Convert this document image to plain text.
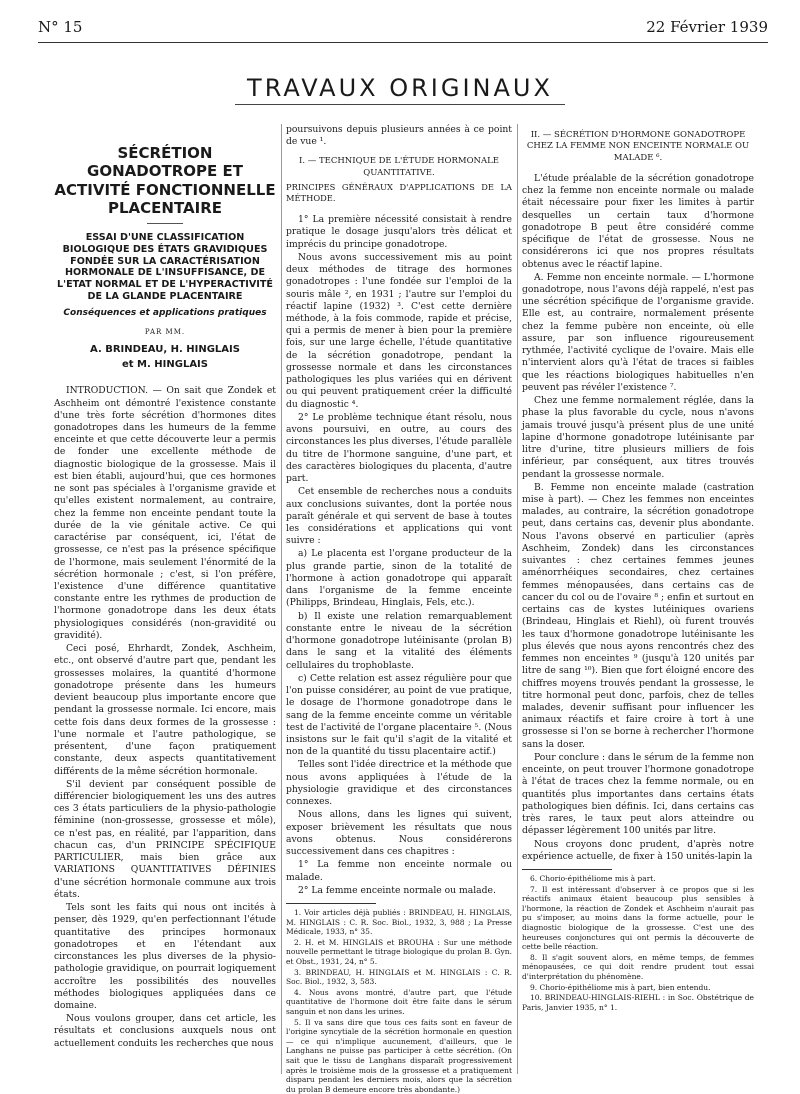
N° 15	22 Février 1939
TRAVAUX ORIGINAUX
SÉCRÉTION GONADOTROPE ET ACTIVITÉ FONCTIONNELLE PLACENTAIRE
ESSAI D'UNE CLASSIFICATION BIOLOGIQUE DES ÉTATS GRAVIDIQUES FONDÉE SUR LA CARACTÉRISATION HORMONALE DE L'INSUFFISANCE, DE L'ETAT NORMAL ET DE L'HYPERACTIVITÉ DE LA GLANDE PLACENTAIRE
Conséquences et applications pratiques
PAR MM.
A. BRINDEAU, H. HINGLAIS
et M. HINGLAIS

INTRODUCTION. — On sait que Zondek et Aschheim ont démontré l'existence constante d'une très forte sécrétion d'hormones dites gonadotropes dans les humeurs de la femme enceinte et que cette découverte leur a permis de fonder une excellente méthode de diagnostic biologique de la grossesse. Mais il est bien établi, aujourd'hui, que ces hormones ne sont pas spéciales à l'organisme gravide et qu'elles existent normalement, au contraire, chez la femme non enceinte pendant toute la durée de la vie génitale active. Ce qui caractérise par conséquent, ici, l'état de grossesse, ce n'est pas la présence spécifique de l'hormone, mais seulement l'énormité de la sécrétion hormonale ; c'est, si l'on préfère, l'existence d'une différence quantitative constante entre les rythmes de production de l'hormone gonadotrope dans les deux états physiologiques considérés (non-gravidité ou gravidité).

Ceci posé, Ehrhardt, Zondek, Aschheim, etc., ont observé d'autre part que, pendant les grossesses molaires, la quantité d'hormone gonadotrope présente dans les humeurs devient beaucoup plus importante encore que pendant la grossesse normale. Ici encore, mais cette fois dans deux formes de la grossesse : l'une normale et l'autre pathologique, se présentent, d'une façon pratiquement constante, deux aspects quantitativement différents de la même sécrétion hormonale.

S'il devient par conséquent possible de différencier biologiquement les uns des autres ces 3 états particuliers de la physio-pathologie féminine (non-grossesse, grossesse et môle), ce n'est pas, en réalité, par l'apparition, dans chacun cas, d'un PRINCIPE SPÉCIFIQUE PARTICULIER, mais bien grâce aux VARIATIONS QUANTITATIVES DÉFINIES d'une sécrétion hormonale commune aux trois états.

Tels sont les faits qui nous ont incités à penser, dès 1929, qu'en perfectionnant l'étude quantitative des principes hormonaux gonadotropes et en l'étendant aux circonstances les plus diverses de la physio-pathologie gravidique, on pourrait logiquement accroître les possibilités des nouvelles méthodes biologiques appliquées dans ce domaine.

Nous voulons grouper, dans cet article, les résultats et conclusions auxquels nous ont actuellement conduits les recherches que nous

poursuivons depuis plusieurs années à ce point de vue ¹.

I. — TECHNIQUE DE L'ÉTUDE HORMONALE QUANTITATIVE.
PRINCIPES GÉNÉRAUX D'APPLICATIONS DE LA MÉTHODE.

1° La première nécessité consistait à rendre pratique le dosage jusqu'alors très délicat et imprécis du principe gonadotrope.

Nous avons successivement mis au point deux méthodes de titrage des hormones gonadotropes : l'une fondée sur l'emploi de la souris mâle ², en 1931 ; l'autre sur l'emploi du réactif lapine (1932) ³. C'est cette dernière méthode, à la fois commode, rapide et précise, qui a permis de mener à bien pour la première fois, sur une large échelle, l'étude quantitative de la sécrétion gonadotrope, pendant la grossesse normale et dans les circonstances pathologiques les plus variées qui en dérivent ou qui peuvent pratiquement créer la difficulté du diagnostic ⁴.

2° Le problème technique étant résolu, nous avons poursuivi, en outre, au cours des circonstances les plus diverses, l'étude parallèle du titre de l'hormone sanguine, d'une part, et des caractères biologiques du placenta, d'autre part.

Cet ensemble de recherches nous a conduits aux conclusions suivantes, dont la portée nous paraît générale et qui servent de base à toutes les considérations et applications qui vont suivre :

a) Le placenta est l'organe producteur de la plus grande partie, sinon de la totalité de l'hormone à action gonadotrope qui apparaît dans l'organisme de la femme enceinte (Philipps, Brindeau, Hinglais, Fels, etc.).

b) Il existe une relation remarquablement constante entre le niveau de la sécrétion d'hormone gonadotrope lutéinisante (prolan B) dans le sang et la vitalité des éléments cellulaires du trophoblaste.

c) Cette relation est assez régulière pour que l'on puisse considérer, au point de vue pratique, le dosage de l'hormone gonadotrope dans le sang de la femme enceinte comme un véritable test de l'activité de l'organe placentaire ⁵. (Nous insistons sur le fait qu'il s'agit de la vitalité et non de la quantité du tissu placentaire actif.)

Telles sont l'idée directrice et la méthode que nous avons appliquées à l'étude de la physiologie gravidique et des circonstances connexes.

Nous allons, dans les lignes qui suivent, exposer brièvement les résultats que nous avons obtenus. Nous considérerons successivement dans ces chapitres :

1° La femme non enceinte normale ou malade.

2° La femme enceinte normale ou malade.

1. Voir articles déjà publiés : BRINDEAU, H. HINGLAIS, M. HINGLAIS : C. R. Soc. Biol., 1932, 3, 988 ; La Presse Médicale, 1933, n° 35.

2. H. et M. HINGLAIS et BROUHA : Sur une méthode nouvelle permettant le titrage biologique du prolan B. Gyn. et Obst., 1931, 24, n° 5.

3. BRINDEAU, H. HINGLAIS et M. HINGLAIS : C. R. Soc. Biol., 1932, 3, 583.

4. Nous avons montré, d'autre part, que l'étude quantitative de l'hormone doit être faite dans le sérum sanguin et non dans les urines.

5. Il va sans dire que tous ces faits sont en faveur de l'origine syncytiale de la sécrétion hormonale en question — ce qui n'implique aucunement, d'ailleurs, que le Langhans ne puisse pas participer à cette sécrétion. (On sait que le tissu de Langhans disparaît progressivement après le troisième mois de la grossesse et a pratiquement disparu pendant les derniers mois, alors que la sécrétion du prolan B demeure encore très abondante.)

II. — SÉCRÉTION D'HORMONE GONADOTROPE CHEZ LA FEMME NON ENCEINTE NORMALE OU MALADE ⁶.

L'étude préalable de la sécrétion gonadotrope chez la femme non enceinte normale ou malade était nécessaire pour fixer les limites à partir desquelles un certain taux d'hormone gonadotrope B peut être considéré comme spécifique de l'état de grossesse. Nous ne considérerons ici que nos propres résultats obtenus avec le réactif lapine.

A. Femme non enceinte normale. — L'hormone gonadotrope, nous l'avons déjà rappelé, n'est pas une sécrétion spécifique de l'organisme gravide. Elle est, au contraire, normalement présente chez la femme pubère non enceinte, où elle assure, par son influence rigoureusement rythmée, l'activité cyclique de l'ovaire. Mais elle n'intervient alors qu'à l'état de traces si faibles que les réactions biologiques habituelles n'en peuvent pas révéler l'existence ⁷.

Chez une femme normalement réglée, dans la phase la plus favorable du cycle, nous n'avons jamais trouvé jusqu'à présent plus de une unité lapine d'hormone gonadotrope lutéinisante par litre d'urine, titre plusieurs milliers de fois inférieur, par conséquent, aux titres trouvés pendant la grossesse normale.

B. Femme non enceinte malade (castration mise à part). — Chez les femmes non enceintes malades, au contraire, la sécrétion gonadotrope peut, dans certains cas, devenir plus abondante. Nous l'avons observé en particulier (après Aschheim, Zondek) dans les circonstances suivantes : chez certaines femmes jeunes aménorrhéiques secondaires, chez certaines femmes ménopausées, dans certains cas de cancer du col ou de l'ovaire ⁸ ; enfin et surtout en certains cas de kystes lutéiniques ovariens (Brindeau, Hinglais et Riehl), où furent trouvés les taux d'hormone gonadotrope lutéinisante les plus élevés que nous ayons rencontrés chez des femmes non enceintes ⁹ (jusqu'à 120 unités par litre de sang ¹⁰). Bien que fort éloigné encore des chiffres moyens trouvés pendant la grossesse, le titre hormonal peut donc, parfois, chez de telles malades, devenir suffisant pour influencer les animaux réactifs et faire croire à tort à une grossesse si l'on se borne à rechercher l'hormone sans la doser.

Pour conclure : dans le sérum de la femme non enceinte, on peut trouver l'hormone gonadotrope à l'état de traces chez la femme normale, ou en quantités plus importantes dans certains états pathologiques bien définis. Ici, dans certains cas très rares, le taux peut alors atteindre ou dépasser légèrement 100 unités par litre.

Nous croyons donc prudent, d'après notre expérience actuelle, de fixer à 150 unités-lapin la

6. Chorio-épithéliome mis à part.

7. Il est intéressant d'observer à ce propos que si les réactifs animaux étaient beaucoup plus sensibles à l'hormone, la réaction de Zondek et Aschheim n'aurait pas pu s'imposer, au moins dans la forme actuelle, pour le diagnostic biologique de la grossesse. C'est une des heureuses conjonctures qui ont permis la découverte de cette belle réaction.

8. Il s'agit souvent alors, en même temps, de femmes ménopausées, ce qui doit rendre prudent tout essai d'interprétation du phénomène.

9. Chorio-épithéliome mis à part, bien entendu.

10. BRINDEAU-HINGLAIS-RIEHL : in Soc. Obstétrique de Paris, Janvier 1935, n° 1.
